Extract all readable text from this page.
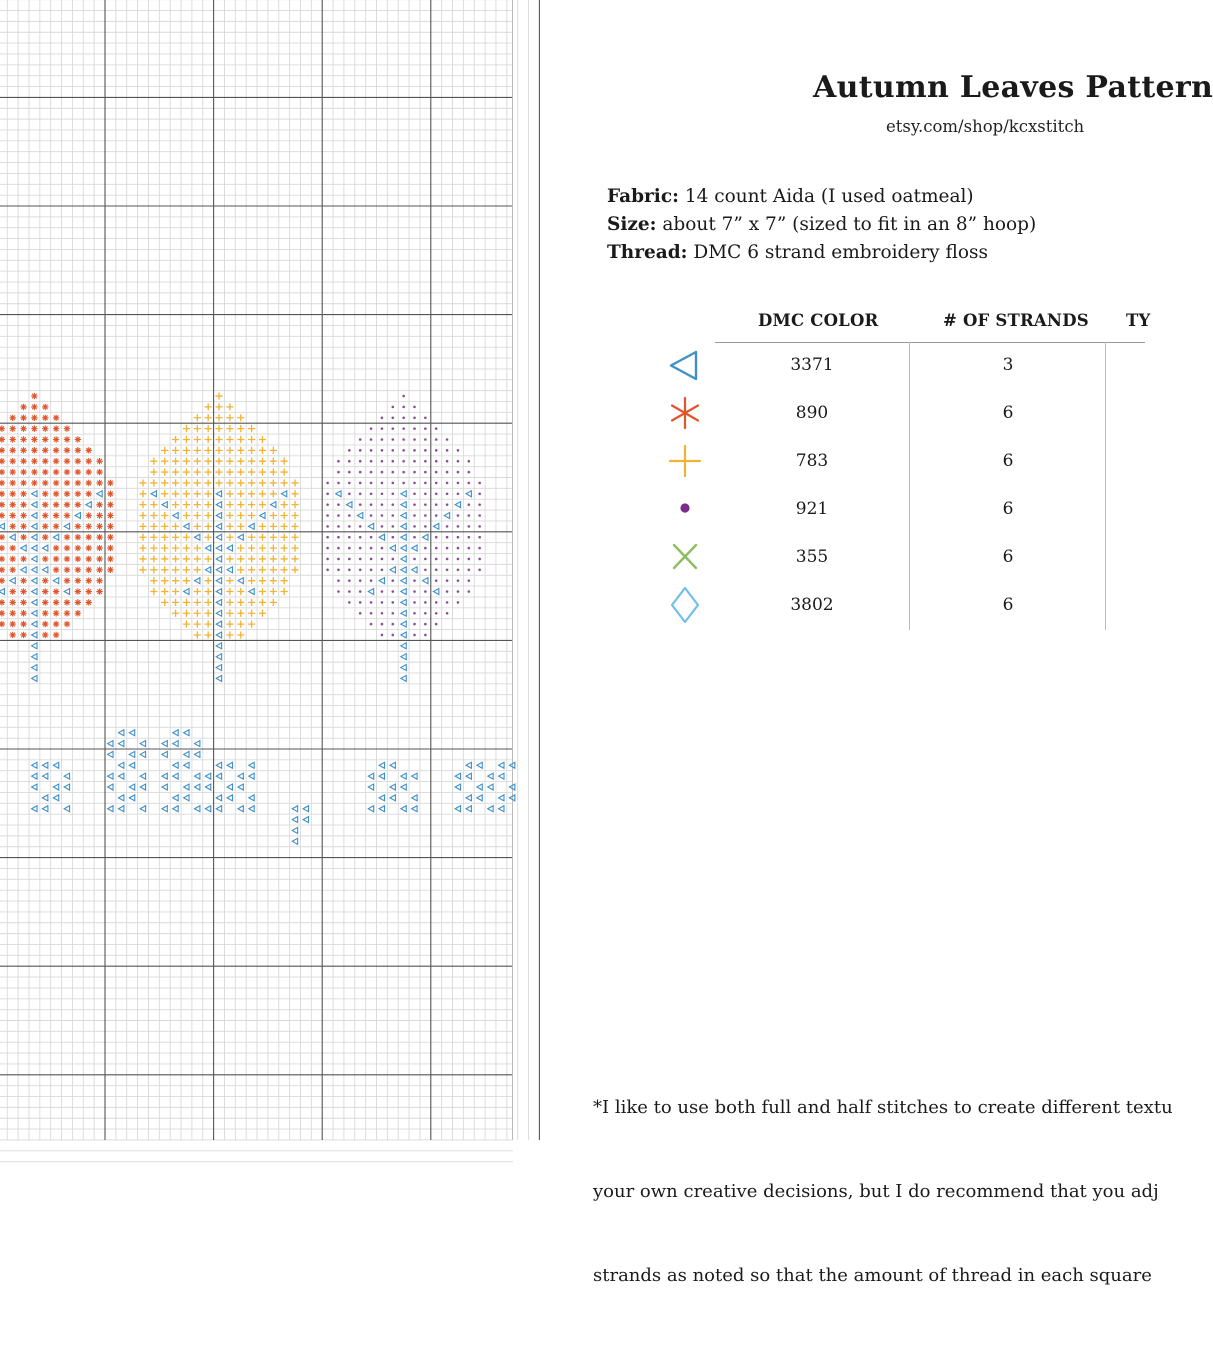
Autumn Leaves Pattern
etsy.com/shop/kcxstitch
Fabric: 14 count Aida (I used oatmeal)
Size: about 7” x 7” (sized to fit in an 8” hoop)
Thread: DMC 6 strand embroidery floss
DMC COLOR	# OF STRANDS TY
3371	3
890	6
783	6
921	6
355	6
3802	6

*I like to use both full and half stitches to create different textu

your own creative decisions, but I do recommend that you adj

strands as noted so that the amount of thread in each square
